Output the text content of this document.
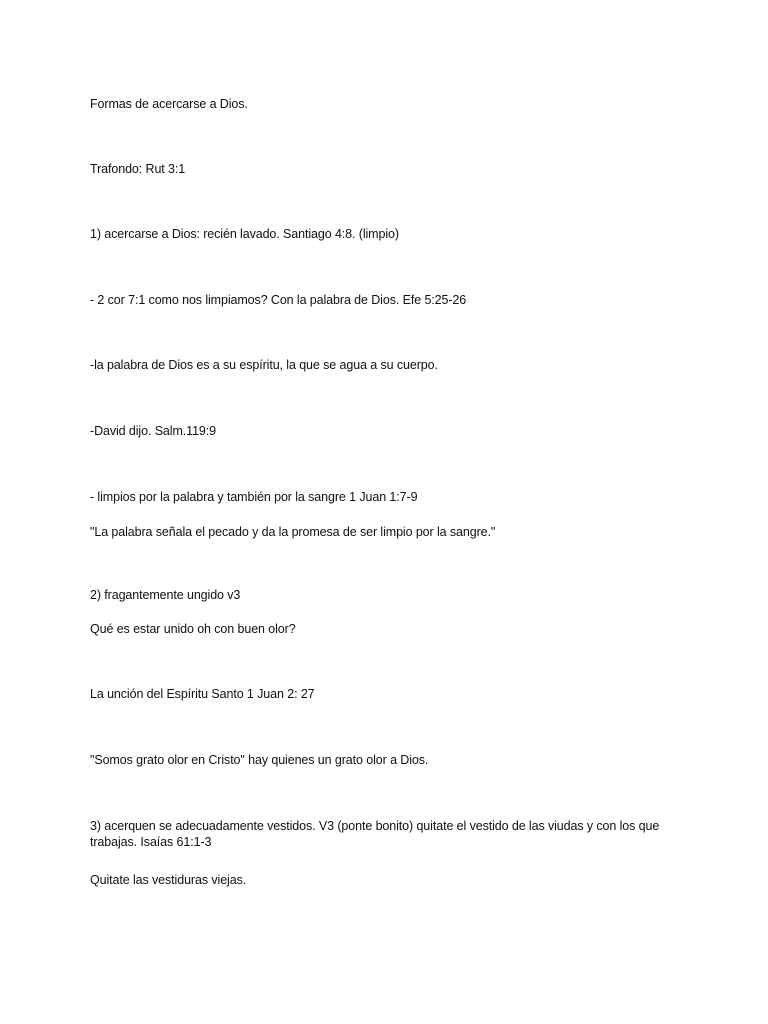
Formas de acercarse a Dios.
Trafondo: Rut 3:1
1) acercarse a Dios: recién lavado. Santiago 4:8. (limpio)
- 2 cor 7:1 como nos limpiamos? Con la palabra de Dios. Efe 5:25-26
-la palabra de Dios es a su espíritu, la que se agua a su cuerpo.
-David dijo. Salm.119:9
- limpios por la palabra y también por la sangre 1 Juan 1:7-9
"La palabra señala el pecado y da la promesa de ser limpio por la sangre."
2) fragantemente ungido v3
Qué es estar unido oh con buen olor?
La unción del Espíritu Santo 1 Juan 2: 27
"Somos grato olor en Cristo" hay quienes un grato olor a Dios.
3) acerquen se adecuadamente vestidos. V3 (ponte bonito) quitate el vestido de las viudas y con los que trabajas. Isaías 61:1-3
Quitate las vestiduras viejas.
